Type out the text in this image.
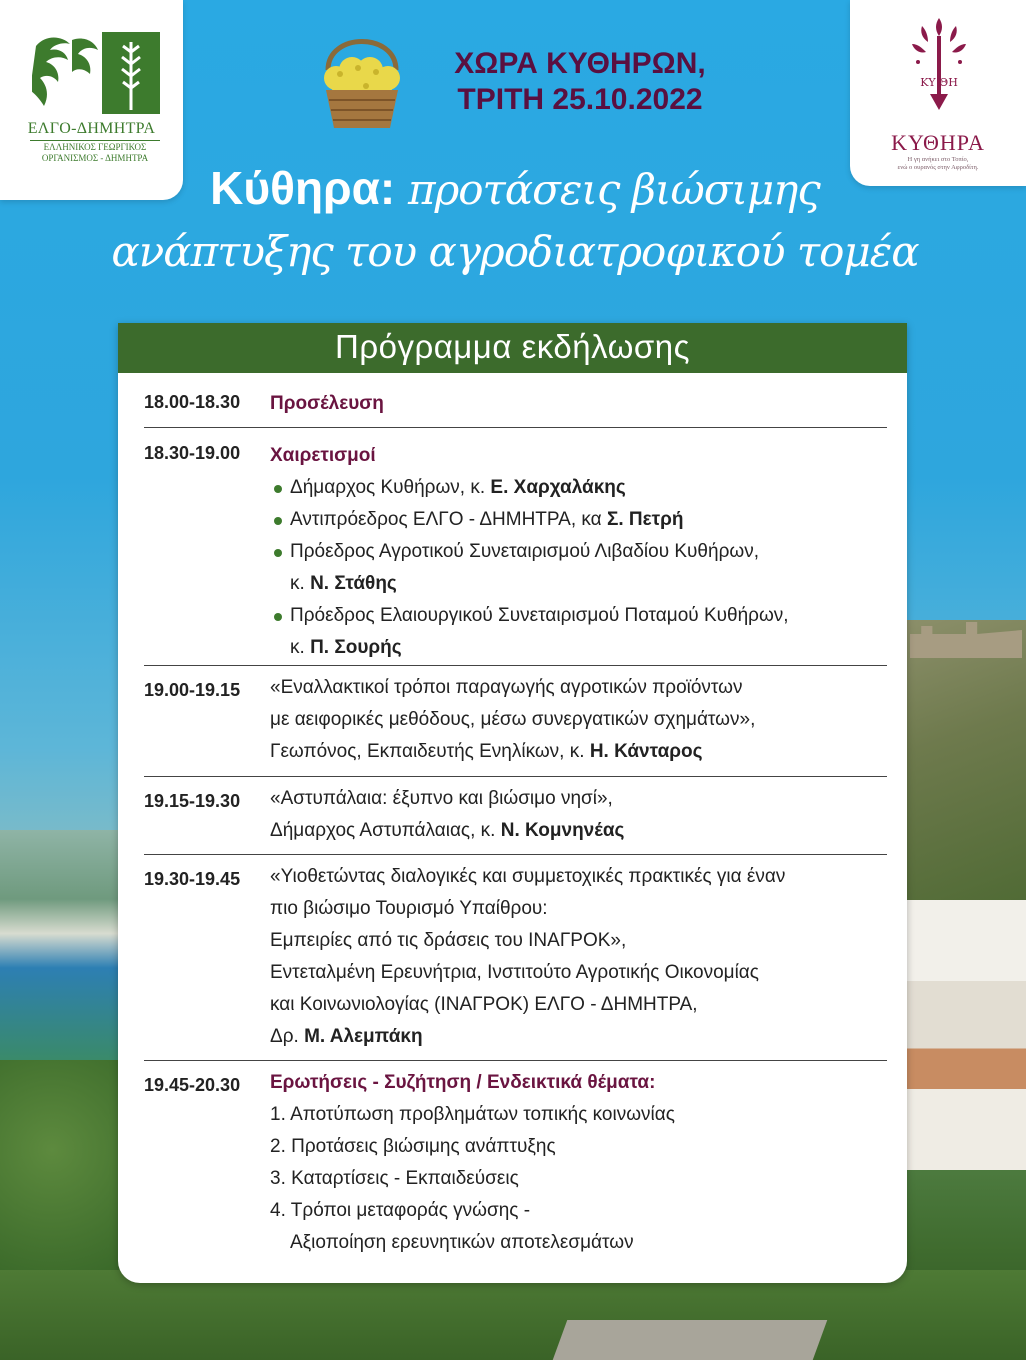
ΕΛΓΟ-ΔΗΜΗΤΡΑ
ΕΛΛΗΝΙΚΟΣ ΓΕΩΡΓΙΚΟΣ
ΟΡΓΑΝΙΣΜΟΣ - ΔΗΜΗΤΡΑ
ΚΥ ΘΗ
ΚΥΘΗΡΑ
Η γη ανήκει στο Τοπίο,
ενώ ο ουρανός στην Αφροδίτη.
ΧΩΡΑ ΚΥΘΗΡΩΝ,
ΤΡΙΤΗ 25.10.2022
Κύθηρα: προτάσεις βιώσιμης
ανάπτυξης του αγροδιατροφικού τομέα
Πρόγραμμα εκδήλωσης
18.00-18.30	Προσέλευση
18.30-19.00	Χαιρετισμοί
Δήμαρχος Κυθήρων, κ. Ε. Χαρχαλάκης
Αντιπρόεδρος ΕΛΓΟ - ΔΗΜΗΤΡΑ, κα Σ. Πετρή
Πρόεδρος Αγροτικού Συνεταιρισμού Λιβαδίου Κυθήρων,
κ. Ν. Στάθης
Πρόεδρος Ελαιουργικού Συνεταιρισμού Ποταμού Κυθήρων,
κ. Π. Σουρής
19.00-19.15	«Εναλλακτικοί τρόποι παραγωγής αγροτικών προϊόντων
με αειφορικές μεθόδους, μέσω συνεργατικών σχημάτων»,
Γεωπόνος, Εκπαιδευτής Ενηλίκων, κ. Η. Κάνταρος
19.15-19.30	«Αστυπάλαια: έξυπνο και βιώσιμο νησί»,
Δήμαρχος Αστυπάλαιας, κ. Ν. Κομνηνέας
19.30-19.45	«Υιοθετώντας διαλογικές και συμμετοχικές πρακτικές για έναν
πιο βιώσιμο Τουρισμό Υπαίθρου:
Εμπειρίες από τις δράσεις του ΙΝΑΓΡΟΚ»,
Εντεταλμένη Ερευνήτρια, Ινστιτούτο Αγροτικής Οικονομίας
και Κοινωνιολογίας (ΙΝΑΓΡΟΚ) ΕΛΓΟ - ΔΗΜΗΤΡΑ,
Δρ. Μ. Αλεμπάκη
19.45-20.30	Ερωτήσεις - Συζήτηση / Ενδεικτικά θέματα:
1. Αποτύπωση προβλημάτων τοπικής κοινωνίας
2. Προτάσεις βιώσιμης ανάπτυξης
3. Καταρτίσεις - Εκπαιδεύσεις
4. Τρόποι μεταφοράς γνώσης -
Αξιοποίηση ερευνητικών αποτελεσμάτων
